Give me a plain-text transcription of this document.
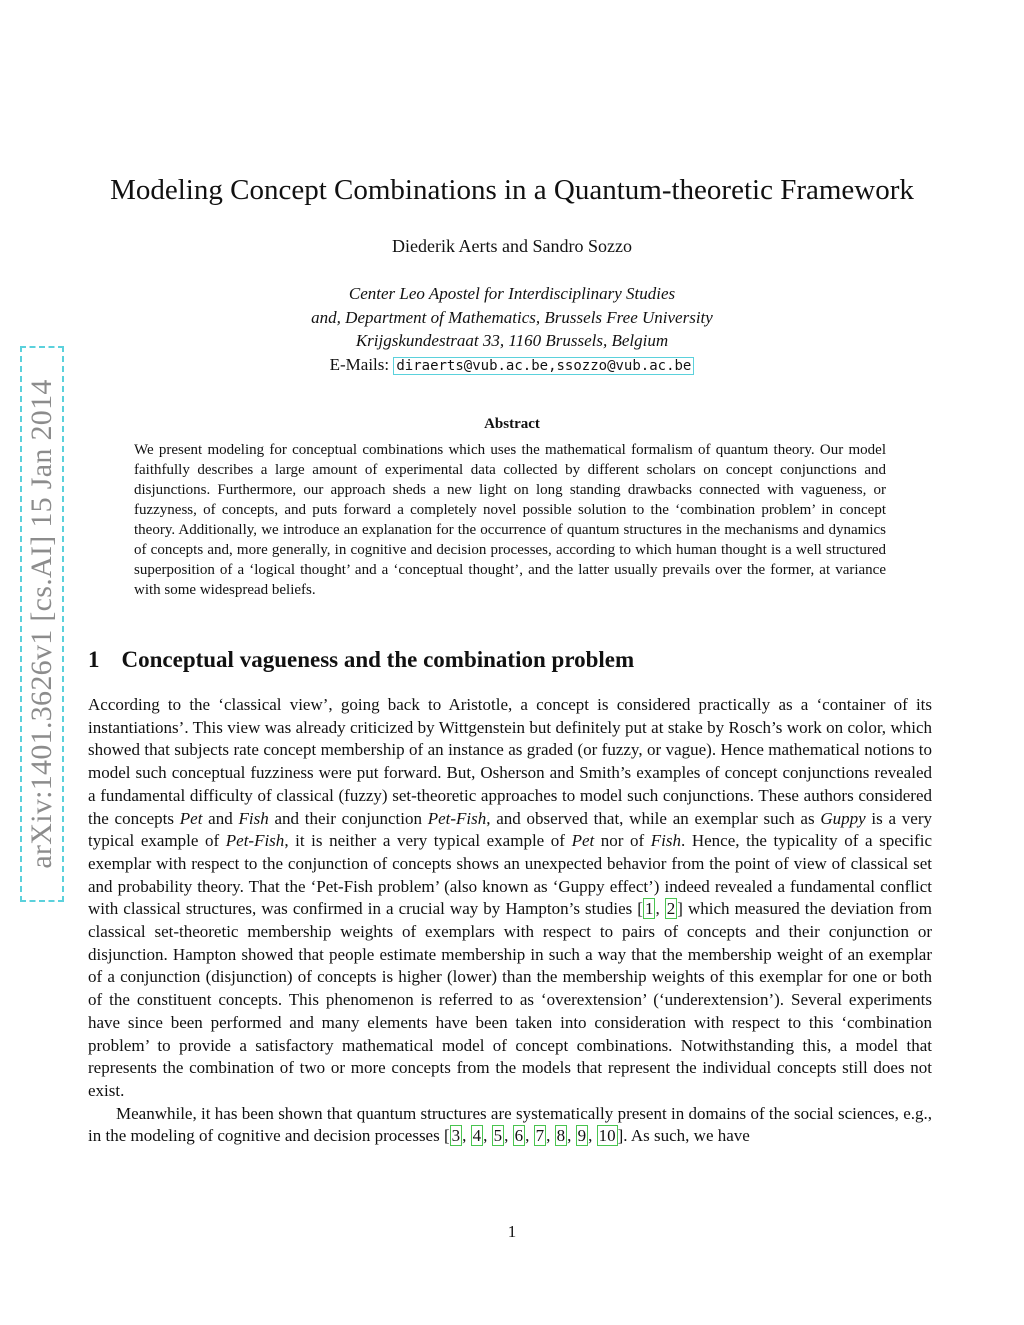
arXiv:1401.3626v1 [cs.AI] 15 Jan 2014
Modeling Concept Combinations in a Quantum-theoretic Framework
Diederik Aerts and Sandro Sozzo
Center Leo Apostel for Interdisciplinary Studies
and, Department of Mathematics, Brussels Free University
Krijgskundestraat 33, 1160 Brussels, Belgium
E-Mails: diraerts@vub.ac.be,ssozzo@vub.ac.be
Abstract

We present modeling for conceptual combinations which uses the mathematical formalism of quantum theory. Our model faithfully describes a large amount of experimental data collected by different scholars on concept conjunctions and disjunctions. Furthermore, our approach sheds a new light on long standing drawbacks connected with vagueness, or fuzzyness, of concepts, and puts forward a completely novel possible solution to the ‘combination problem’ in concept theory. Additionally, we introduce an explanation for the occurrence of quantum structures in the mechanisms and dynamics of concepts and, more generally, in cognitive and decision processes, according to which human thought is a well structured superposition of a ‘logical thought’ and a ‘conceptual thought’, and the latter usually prevails over the former, at variance with some widespread beliefs.

1 Conceptual vagueness and the combination problem

According to the ‘classical view’, going back to Aristotle, a concept is considered practically as a ‘container of its instantiations’. This view was already criticized by Wittgenstein but definitely put at stake by Rosch’s work on color, which showed that subjects rate concept membership of an instance as graded (or fuzzy, or vague). Hence mathematical notions to model such conceptual fuzziness were put forward. But, Osherson and Smith’s examples of concept conjunctions revealed a fundamental difficulty of classical (fuzzy) set-theoretic approaches to model such conjunctions. These authors considered the concepts Pet and Fish and their conjunction Pet-Fish, and observed that, while an exemplar such as Guppy is a very typical example of Pet-Fish, it is neither a very typical example of Pet nor of Fish. Hence, the typicality of a specific exemplar with respect to the conjunction of concepts shows an unexpected behavior from the point of view of classical set and probability theory. That the ‘Pet-Fish problem’ (also known as ‘Guppy effect’) indeed revealed a fundamental conflict with classical structures, was confirmed in a crucial way by Hampton’s studies [ 1 , 2 ] which measured the deviation from classical set-theoretic membership weights of exemplars with respect to pairs of concepts and their conjunction or disjunction. Hampton showed that people estimate membership in such a way that the membership weight of an exemplar of a conjunction (disjunction) of concepts is higher (lower) than the membership weights of this exemplar for one or both of the constituent concepts. This phenomenon is referred to as ‘overextension’ (‘underextension’). Several experiments have since been performed and many elements have been taken into consideration with respect to this ‘combination problem’ to provide a satisfactory mathematical model of concept combinations. Notwithstanding this, a model that represents the combination of two or more concepts from the models that represent the individual concepts still does not exist.

Meanwhile, it has been shown that quantum structures are systematically present in domains of the social sciences, e.g., in the modeling of cognitive and decision processes [ 3 , 4 , 5 , 6 , 7 , 8 , 9 , 10 ]. As such, we have

1
